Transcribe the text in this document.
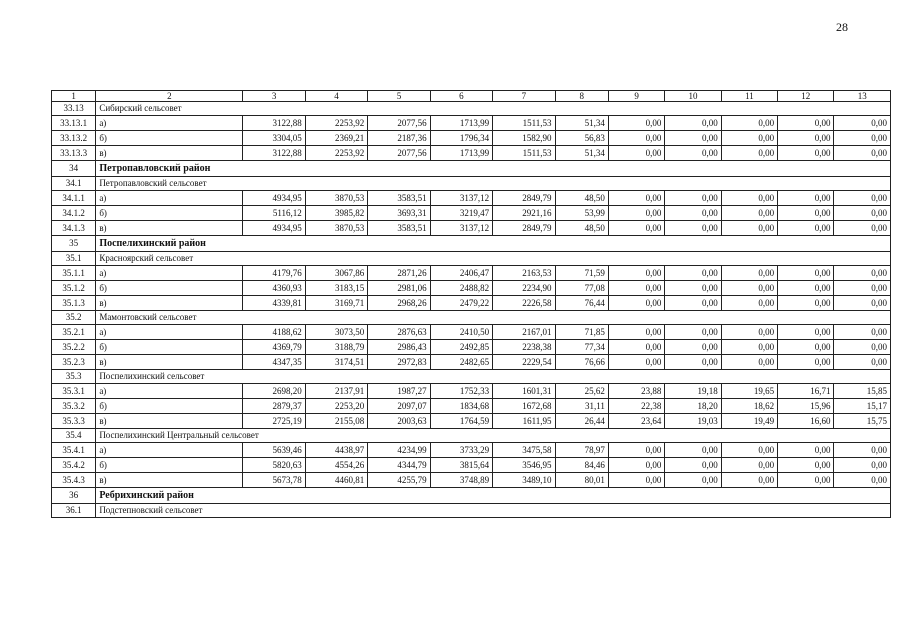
28
1	2	3	4	5	6	7	8	9	10	11	12	13
33.13	Сибирский сельсовет											
33.13.1	а)	3122,88	2253,92	2077,56	1713,99	1511,53	51,34	0,00	0,00	0,00	0,00	0,00
33.13.2	б)	3304,05	2369,21	2187,36	1796,34	1582,90	56,83	0,00	0,00	0,00	0,00	0,00
33.13.3	в)	3122,88	2253,92	2077,56	1713,99	1511,53	51,34	0,00	0,00	0,00	0,00	0,00
34	Петропавловский район											
34.1	Петропавловский сельсовет											
34.1.1	а)	4934,95	3870,53	3583,51	3137,12	2849,79	48,50	0,00	0,00	0,00	0,00	0,00
34.1.2	б)	5116,12	3985,82	3693,31	3219,47	2921,16	53,99	0,00	0,00	0,00	0,00	0,00
34.1.3	в)	4934,95	3870,53	3583,51	3137,12	2849,79	48,50	0,00	0,00	0,00	0,00	0,00
35	Поспелихинский район											
35.1	Красноярский сельсовет											
35.1.1	а)	4179,76	3067,86	2871,26	2406,47	2163,53	71,59	0,00	0,00	0,00	0,00	0,00
35.1.2	б)	4360,93	3183,15	2981,06	2488,82	2234,90	77,08	0,00	0,00	0,00	0,00	0,00
35.1.3	в)	4339,81	3169,71	2968,26	2479,22	2226,58	76,44	0,00	0,00	0,00	0,00	0,00
35.2	Мамонтовский сельсовет											
35.2.1	а)	4188,62	3073,50	2876,63	2410,50	2167,01	71,85	0,00	0,00	0,00	0,00	0,00
35.2.2	б)	4369,79	3188,79	2986,43	2492,85	2238,38	77,34	0,00	0,00	0,00	0,00	0,00
35.2.3	в)	4347,35	3174,51	2972,83	2482,65	2229,54	76,66	0,00	0,00	0,00	0,00	0,00
35.3	Поспелихинский сельсовет											
35.3.1	а)	2698,20	2137,91	1987,27	1752,33	1601,31	25,62	23,88	19,18	19,65	16,71	15,85
35.3.2	б)	2879,37	2253,20	2097,07	1834,68	1672,68	31,11	22,38	18,20	18,62	15,96	15,17
35.3.3	в)	2725,19	2155,08	2003,63	1764,59	1611,95	26,44	23,64	19,03	19,49	16,60	15,75
35.4	Поспелихинский Центральный сельсовет											
35.4.1	а)	5639,46	4438,97	4234,99	3733,29	3475,58	78,97	0,00	0,00	0,00	0,00	0,00
35.4.2	б)	5820,63	4554,26	4344,79	3815,64	3546,95	84,46	0,00	0,00	0,00	0,00	0,00
35.4.3	в)	5673,78	4460,81	4255,79	3748,89	3489,10	80,01	0,00	0,00	0,00	0,00	0,00
36	Ребрихинский район											
36.1	Подстепновский сельсовет											
